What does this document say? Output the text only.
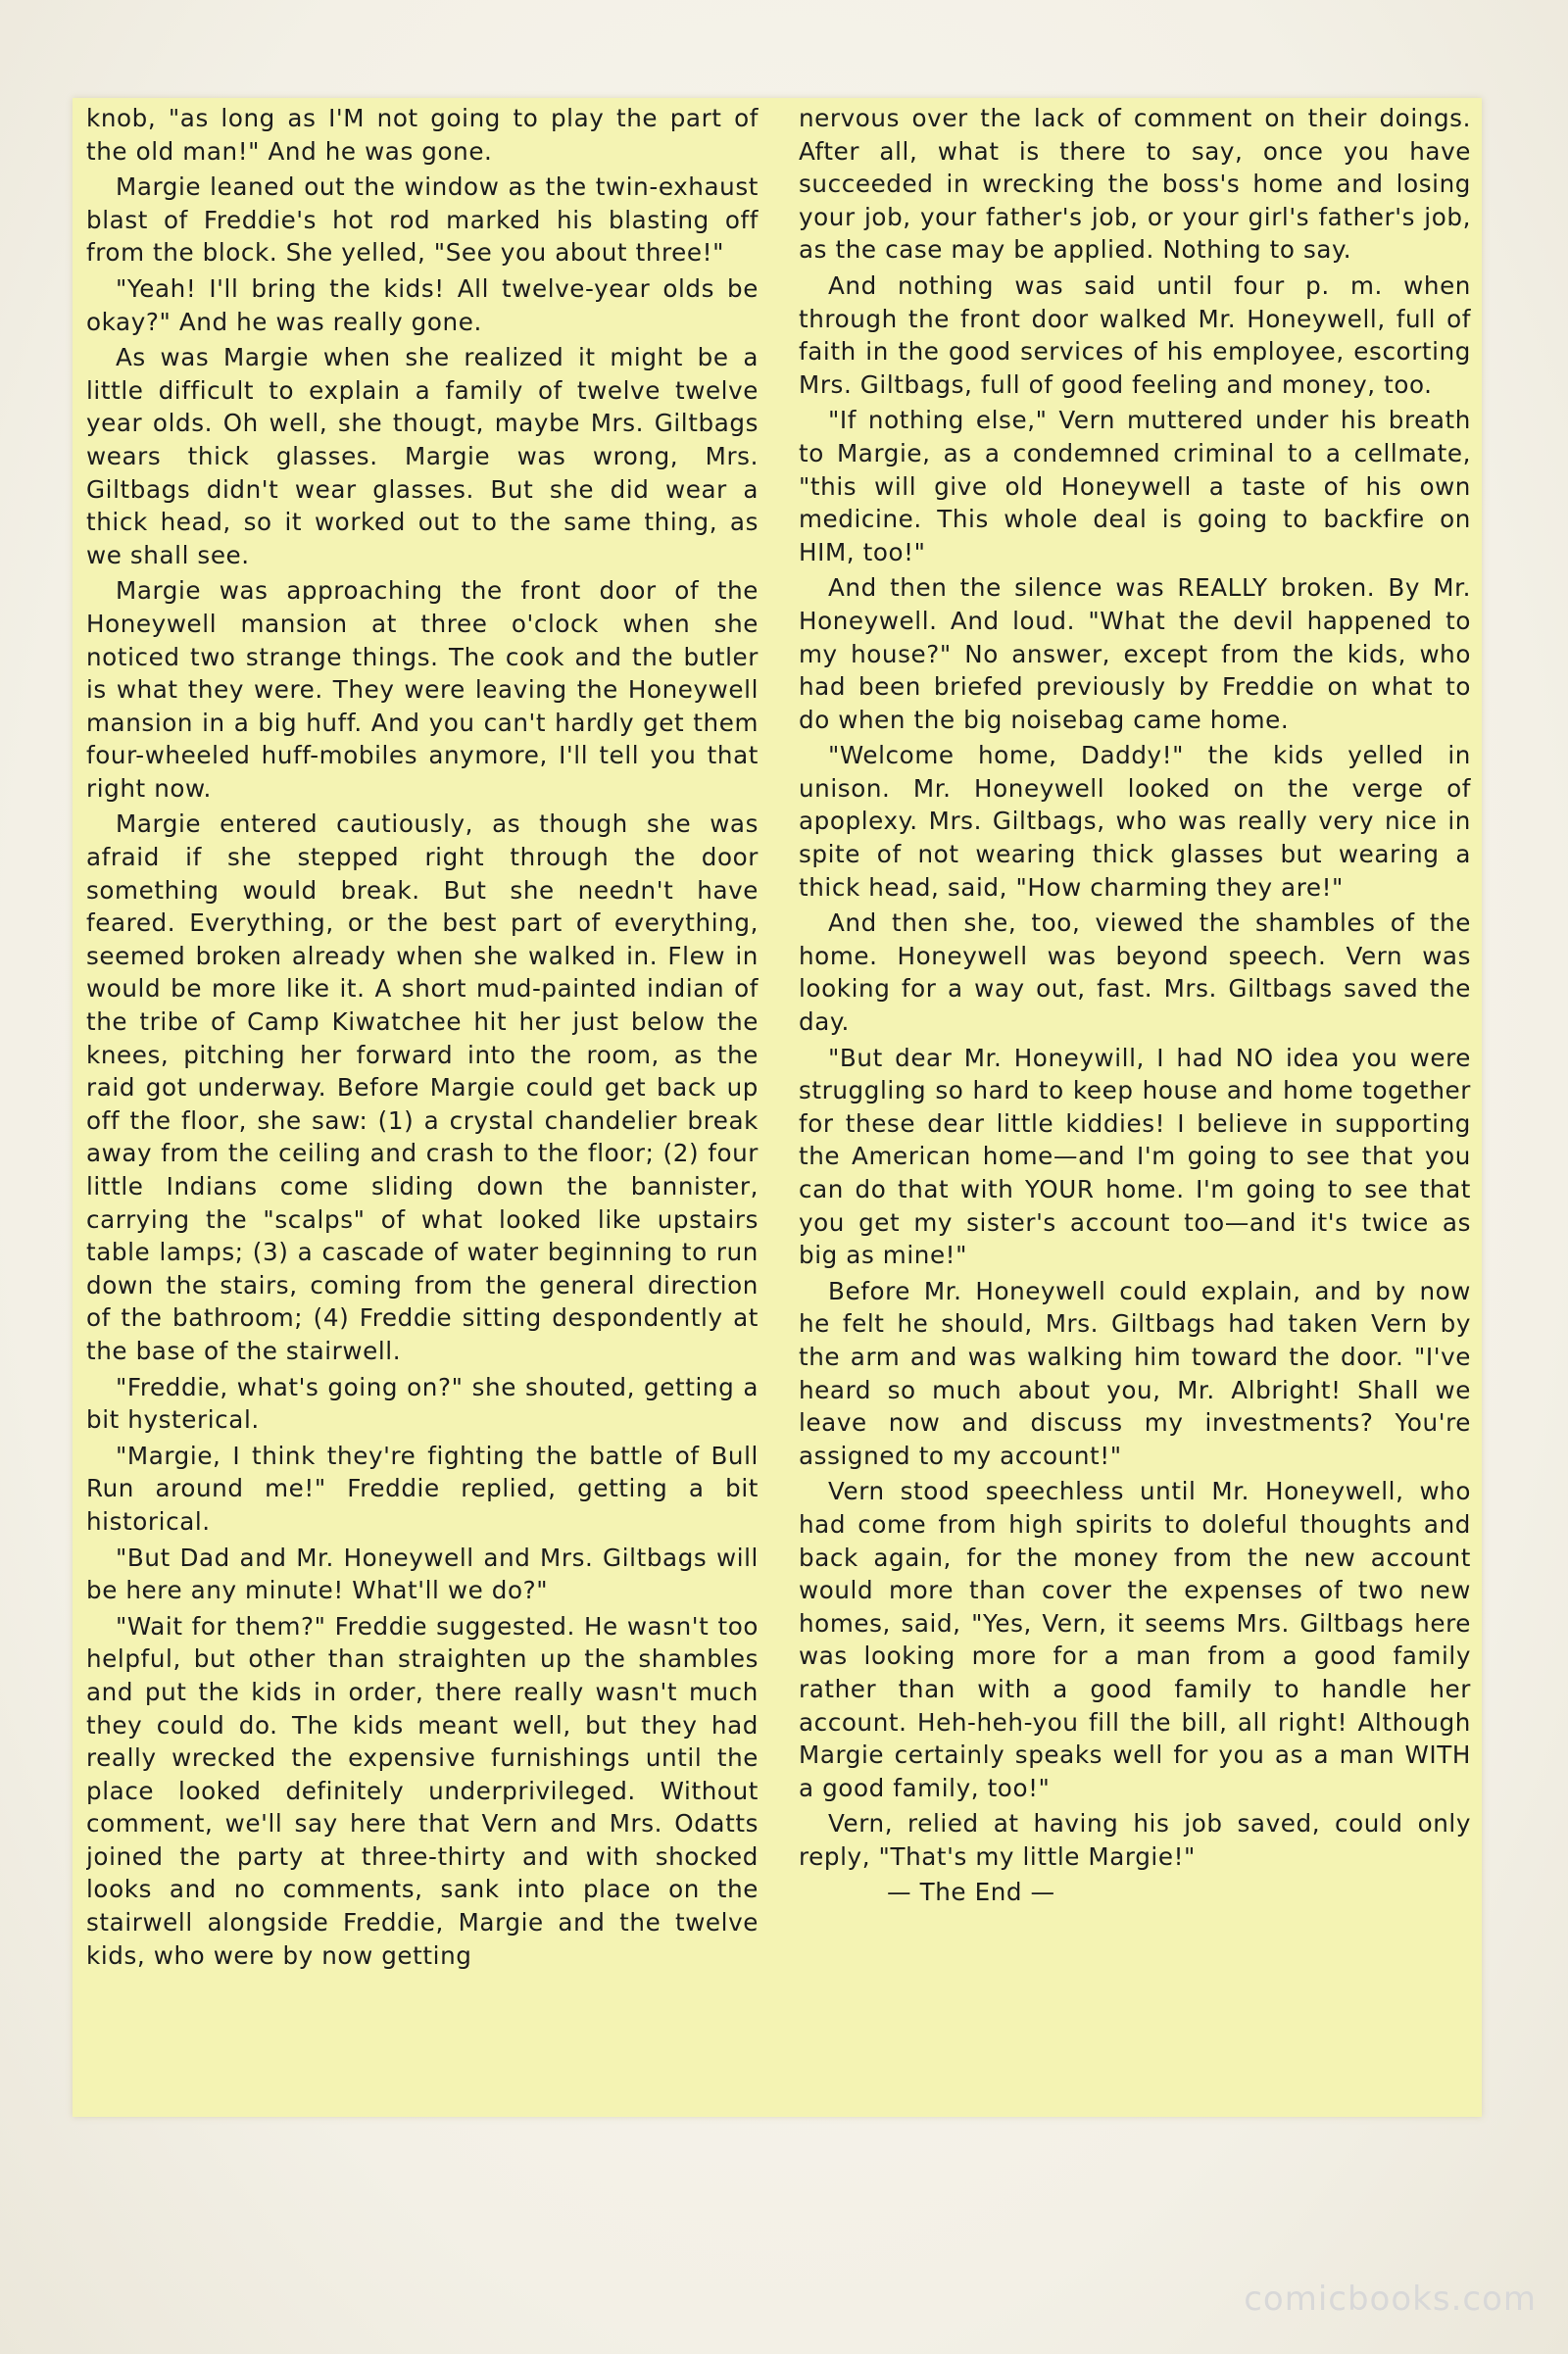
knob, "as long as I'M not going to play the part of the old man!" And he was gone.

Margie leaned out the window as the twin-exhaust blast of Freddie's hot rod marked his blasting off from the block. She yelled, "See you about three!"

"Yeah! I'll bring the kids! All twelve-year olds be okay?" And he was really gone.

As was Margie when she realized it might be a little difficult to explain a family of twelve twelve year olds. Oh well, she thougt, maybe Mrs. Giltbags wears thick glasses. Margie was wrong, Mrs. Giltbags didn't wear glasses. But she did wear a thick head, so it worked out to the same thing, as we shall see.

Margie was approaching the front door of the Honeywell mansion at three o'clock when she noticed two strange things. The cook and the butler is what they were. They were leaving the Honeywell mansion in a big huff. And you can't hardly get them four-wheeled huff-mobiles anymore, I'll tell you that right now.

Margie entered cautiously, as though she was afraid if she stepped right through the door something would break. But she needn't have feared. Everything, or the best part of everything, seemed broken already when she walked in. Flew in would be more like it. A short mud-painted indian of the tribe of Camp Kiwatchee hit her just below the knees, pitching her forward into the room, as the raid got underway. Before Margie could get back up off the floor, she saw: (1) a crystal chandelier break away from the ceiling and crash to the floor; (2) four little Indians come sliding down the bannister, carrying the "scalps" of what looked like upstairs table lamps; (3) a cascade of water beginning to run down the stairs, coming from the general direction of the bathroom; (4) Freddie sitting despondently at the base of the stairwell.

"Freddie, what's going on?" she shouted, getting a bit hysterical.

"Margie, I think they're fighting the battle of Bull Run around me!" Freddie replied, getting a bit historical.

"But Dad and Mr. Honeywell and Mrs. Giltbags will be here any minute! What'll we do?"

"Wait for them?" Freddie suggested. He wasn't too helpful, but other than straighten up the shambles and put the kids in order, there really wasn't much they could do. The kids meant well, but they had really wrecked the expensive furnishings until the place looked definitely underprivileged. Without comment, we'll say here that Vern and Mrs. Odatts joined the party at three-thirty and with shocked looks and no comments, sank into place on the stairwell alongside Freddie, Margie and the twelve kids, who were by now getting

nervous over the lack of comment on their doings. After all, what is there to say, once you have succeeded in wrecking the boss's home and losing your job, your father's job, or your girl's father's job, as the case may be applied. Nothing to say.

And nothing was said until four p. m. when through the front door walked Mr. Honeywell, full of faith in the good services of his employee, escorting Mrs. Giltbags, full of good feeling and money, too.

"If nothing else," Vern muttered under his breath to Margie, as a condemned criminal to a cellmate, "this will give old Honeywell a taste of his own medicine. This whole deal is going to backfire on HIM, too!"

And then the silence was REALLY broken. By Mr. Honeywell. And loud. "What the devil happened to my house?" No answer, except from the kids, who had been briefed previously by Freddie on what to do when the big noisebag came home.

"Welcome home, Daddy!" the kids yelled in unison. Mr. Honeywell looked on the verge of apoplexy. Mrs. Giltbags, who was really very nice in spite of not wearing thick glasses but wearing a thick head, said, "How charming they are!"

And then she, too, viewed the shambles of the home. Honeywell was beyond speech. Vern was looking for a way out, fast. Mrs. Giltbags saved the day.

"But dear Mr. Honeywill, I had NO idea you were struggling so hard to keep house and home together for these dear little kiddies! I believe in supporting the American home—and I'm going to see that you can do that with YOUR home. I'm going to see that you get my sister's account too—and it's twice as big as mine!"

Before Mr. Honeywell could explain, and by now he felt he should, Mrs. Giltbags had taken Vern by the arm and was walking him toward the door. "I've heard so much about you, Mr. Albright! Shall we leave now and discuss my investments? You're assigned to my account!"

Vern stood speechless until Mr. Honeywell, who had come from high spirits to doleful thoughts and back again, for the money from the new account would more than cover the expenses of two new homes, said, "Yes, Vern, it seems Mrs. Giltbags here was looking more for a man from a good family rather than with a good family to handle her account. Heh-heh-you fill the bill, all right! Although Margie certainly speaks well for you as a man WITH a good family, too!"

Vern, relied at having his job saved, could only reply, "That's my little Margie!"

— The End —

comicbooks.com
